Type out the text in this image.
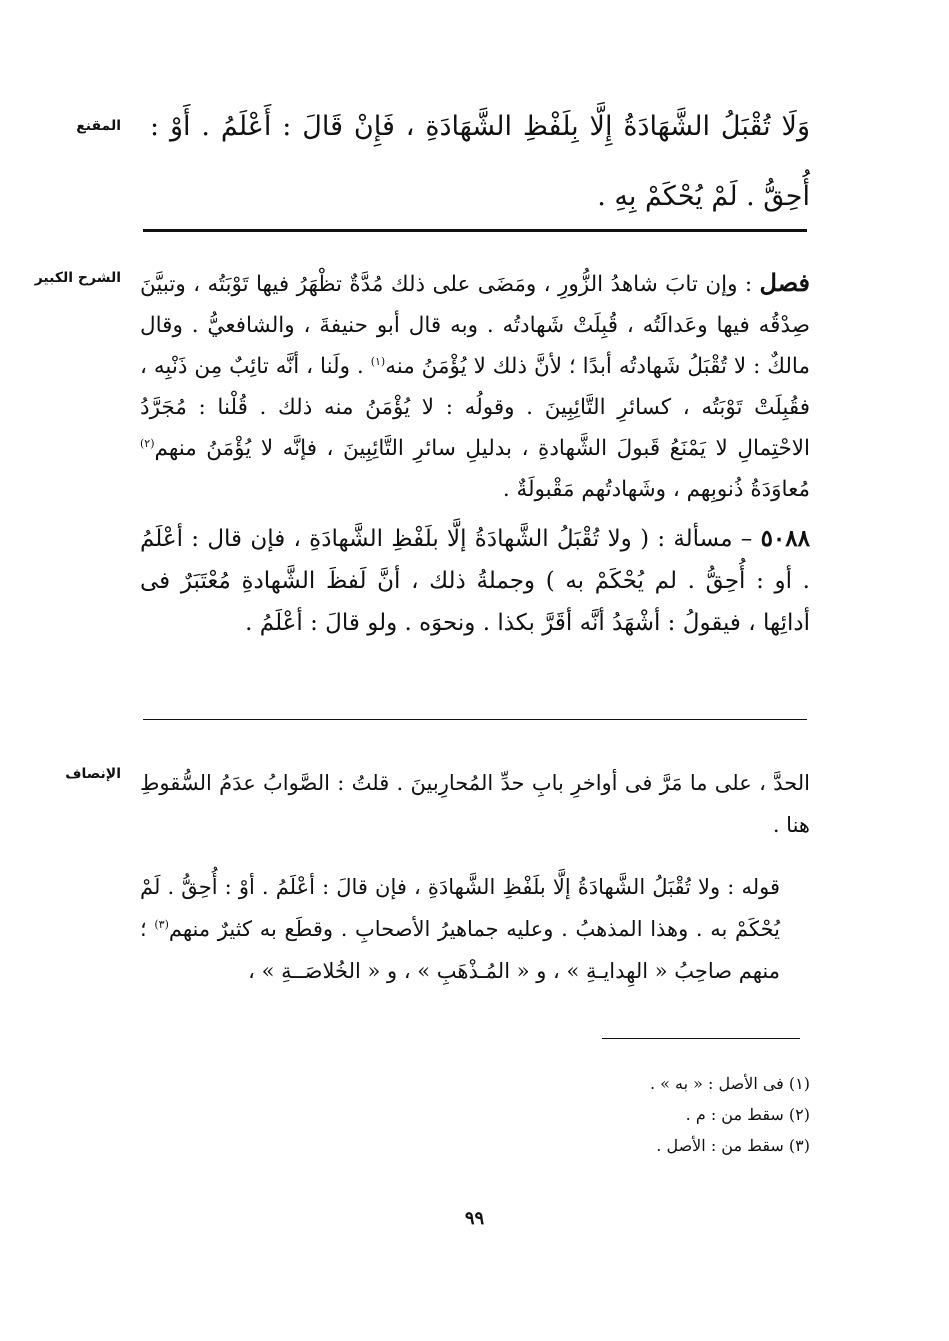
المقنع وَلَا تُقْبَلُ الشَّهَادَةُ إِلَّا بِلَفْظِ الشَّهَادَةِ ، فَإِنْ قَالَ : أَعْلَمُ . أَوْ : أُحِقُّ . لَمْ يُحْكَمْ بِهِ .
الشرح الكبير	فصل : وإن تابَ شاهدُ الزُّورِ ، ومَضَى على ذلك مُدَّةٌ تظْهَرُ فيها تَوْبَتُه ، وتبيَّنَ صِدْقُه فيها وعَدالَتُه ، قُبِلَتْ شَهادتُه . وبه قال أبو حنيفةَ ، والشافعيُّ . وقال مالكٌ : لا تُقْبَلُ شَهادتُه أبدًا ؛ لأنَّ ذلك لا يُؤْمَنُ منه$^{(١)}$ . ولَنا ، أنَّه تائِبٌ مِن ذَنْبِه ، فقُبِلَتْ تَوْبَتُه ، كسائرِ التَّائِبِينَ . وقولُه : لا يُؤْمَنُ منه ذلك . قُلْنا : مُجَرَّدُ الاحْتِمالِ لا يَمْنَعُ قَبولَ الشَّهادةِ ، بدليلِ سائرِ التَّائِبِينَ ، فإنَّه لا يُؤْمَنُ منهم$^{(٢)}$ مُعاوَدَةُ ذُنوبِهم ، وشَهادتُهم مَقْبولَةٌ .
٥٠٨٨ – مسألة : ( ولا تُقْبَلُ الشَّهادَةُ إلَّا بلَفْظِ الشَّهادَةِ ، فإن قال : أعْلَمُ . أو : أُحِقُّ . لم يُحْكَمْ به ) وجملةُ ذلك ، أنَّ لَفظَ الشَّهادةِ مُعْتَبَرٌ فى أدائِها ، فيقولُ : أشْهَدُ أنَّه أقَرَّ بكذا . ونحوَه . ولو قالَ : أعْلَمُ .
الإنصاف الحدَّ ، على ما مَرَّ فى أواخرِ بابِ حدِّ المُحارِبينَ . قلتُ : الصَّوابُ عدَمُ السُّقوطِ هنا .
قوله : ولا تُقْبَلُ الشَّهادَةُ إلَّا بلَفْظِ الشَّهادَةِ ، فإن قالَ : أعْلَمُ . أوْ : أُحِقُّ . لَمْ يُحْكَمْ به . وهذا المذهبُ . وعليه جماهيرُ الأصحابِ . وقطَع به كثيرٌ منهم$^{(٣)}$ ؛ منهم صاحِبُ « الهِدايـةِ » ، و « المُـذْهَبِ » ، و « الخُلاصَــةِ » ،
(١) فى الأصل : « به » .
(٢) سقط من : م .
(٣) سقط من : الأصل .
٩٩
